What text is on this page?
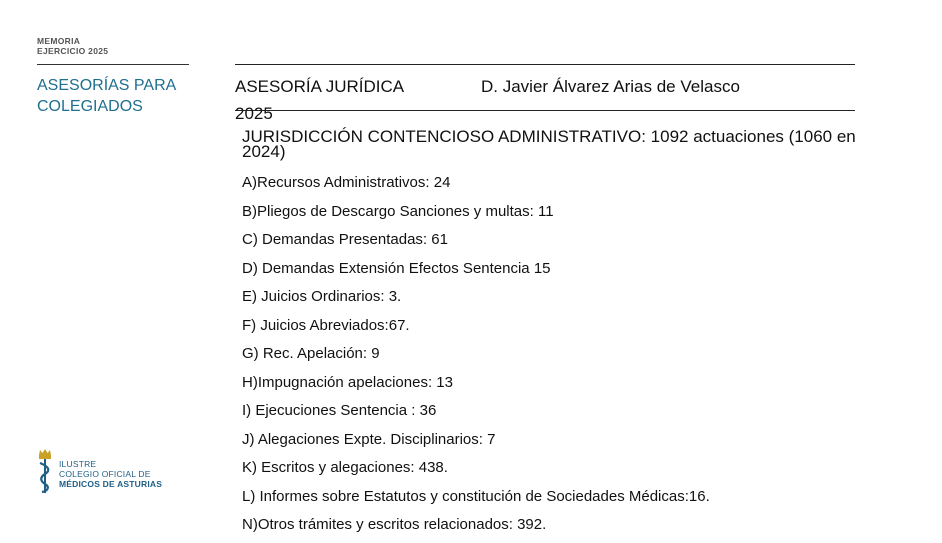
MEMORIA
EJERCICIO 2025
ASESORÍAS PARA
COLEGIADOS
ASESORÍA JURÍDICA	D. Javier Álvarez Arias de Velasco
2025
JURISDICCIÓN CONTENCIOSO ADMINISTRATIVO: 1092 actuaciones (1060 en 2024)
A)Recursos Administrativos: 24
B)Pliegos de Descargo Sanciones y multas: 11
C) Demandas Presentadas: 61
D) Demandas Extensión Efectos Sentencia 15
E) Juicios Ordinarios: 3.
F) Juicios Abreviados:67.
G) Rec. Apelación: 9
H)Impugnación apelaciones: 13
I) Ejecuciones Sentencia : 36
J) Alegaciones Expte. Disciplinarios: 7
K) Escritos y alegaciones: 438.
L) Informes sobre Estatutos y constitución de Sociedades Médicas:16.
N)Otros trámites y escritos relacionados: 392.
ILUSTRE
COLEGIO OFICIAL DE
MÉDICOS DE ASTURIAS
